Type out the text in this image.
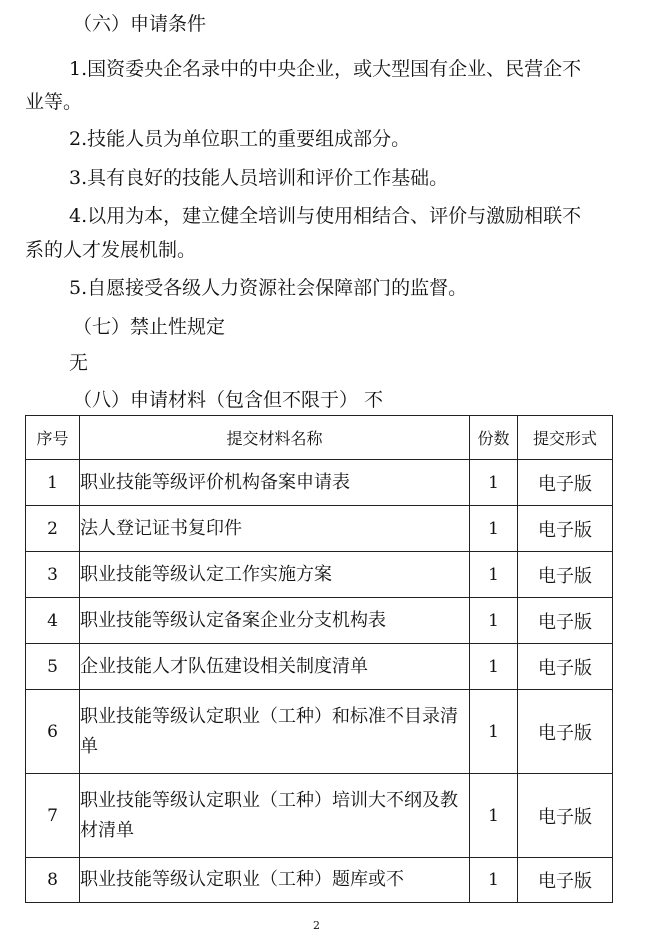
（六）申请条件
1.国资委央企名录中的中央企业，或大型国有企业、民营企不
业等。
2.技能人员为单位职工的重要组成部分。
3.具有良好的技能人员培训和评价工作基础。
4.以用为本，建立健全培训与使用相结合、评价与激励相联不
系的人才发展机制。
5.自愿接受各级人力资源社会保障部门的监督。
（七）禁止性规定
无
（八）申请材料（包含但不限于） 不
序号	提交材料名称	份数	提交形式
1	职业技能等级评价机构备案申请表	1	电子版
2	法人登记证书复印件	1	电子版
3	职业技能等级认定工作实施方案	1	电子版
4	职业技能等级认定备案企业分支机构表	1	电子版
5	企业技能人才队伍建设相关制度清单	1	电子版
6	职业技能等级认定职业（工种）和标准不目录清单	1	电子版
7	职业技能等级认定职业（工种）培训大不纲及教材清单	1	电子版
8	职业技能等级认定职业（工种）题库或不	1	电子版
2
